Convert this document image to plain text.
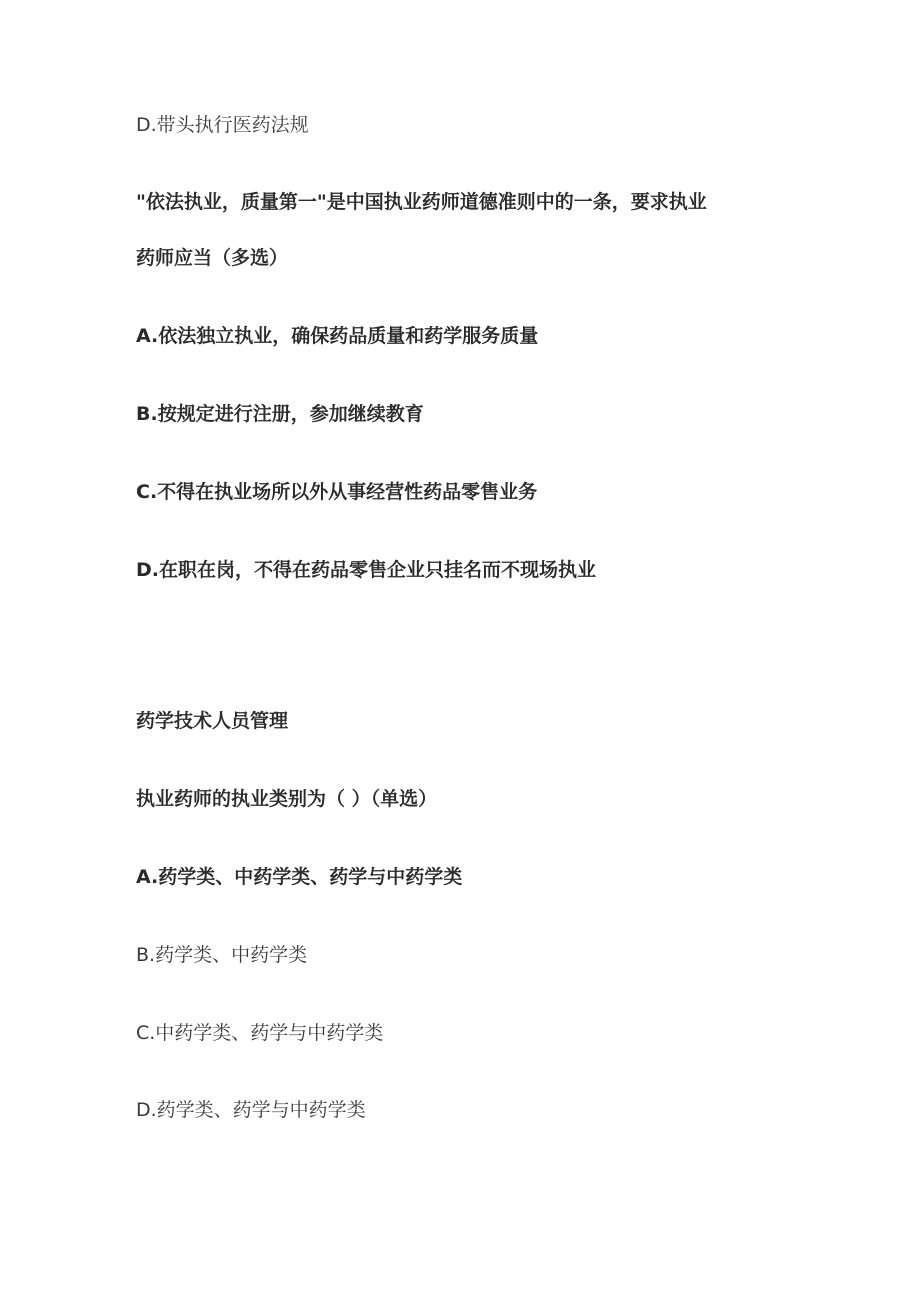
D.带头执行医药法规
"依法执业，质量第一"是中国执业药师道德准则中的一条，要求执业
药师应当（多选）
A.依法独立执业，确保药品质量和药学服务质量
B.按规定进行注册，参加继续教育
C.不得在执业场所以外从事经营性药品零售业务
D.在职在岗，不得在药品零售企业只挂名而不现场执业
药学技术人员管理
执业药师的执业类别为（ ）（单选）
A.药学类、中药学类、药学与中药学类
B.药学类、中药学类
C.中药学类、药学与中药学类
D.药学类、药学与中药学类
